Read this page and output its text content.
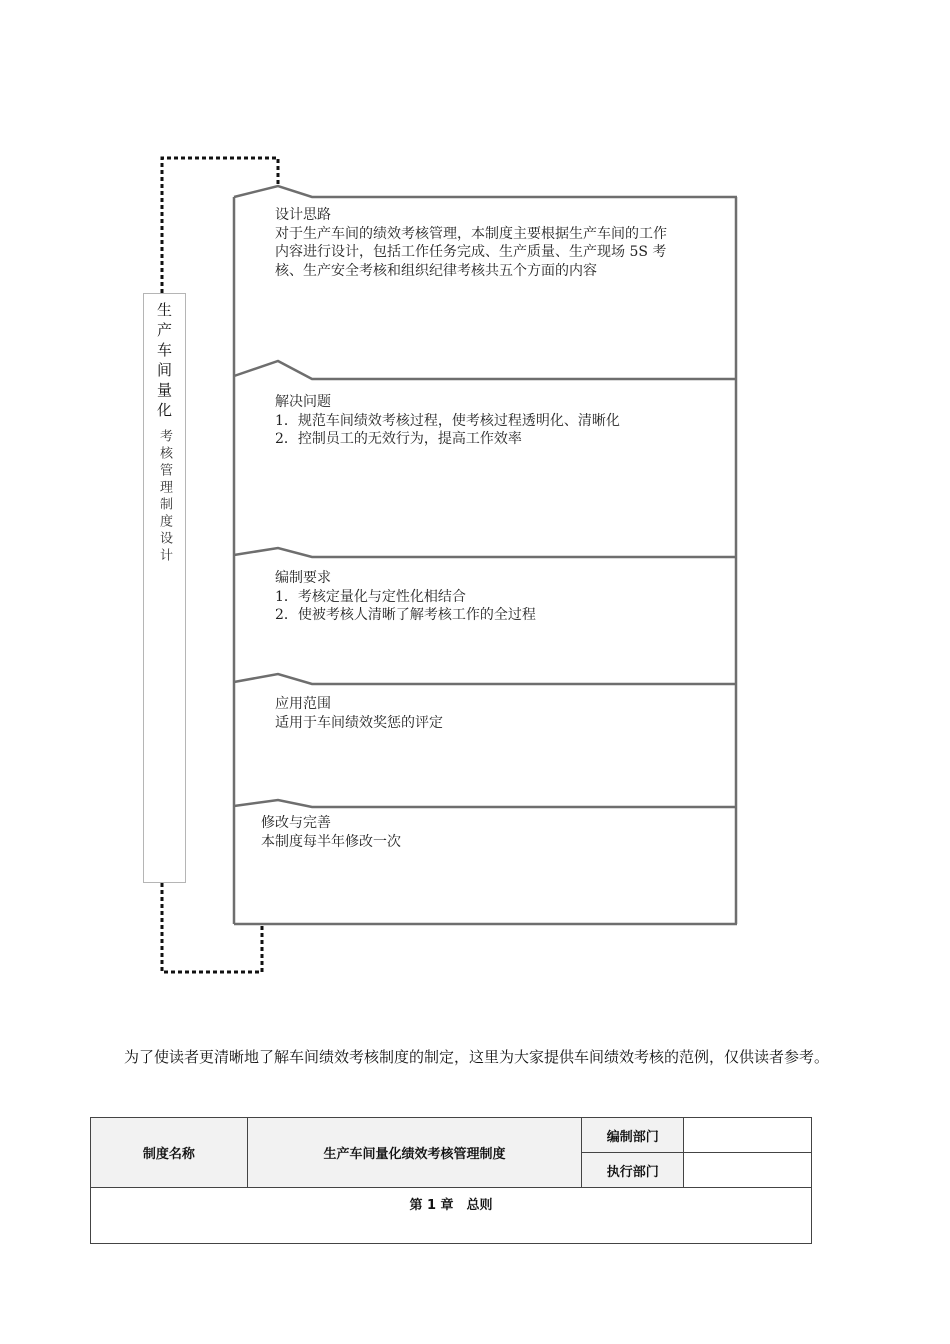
生产车间量化
考核管理制度设计
设计思路
对于生产车间的绩效考核管理，本制度主要根据生产车间的工作
内容进行设计，包括工作任务完成、生产质量、生产现场 5S 考
核、生产安全考核和组织纪律考核共五个方面的内容
解决问题
1．规范车间绩效考核过程，使考核过程透明化、清晰化
2．控制员工的无效行为，提高工作效率
编制要求
1．考核定量化与定性化相结合
2．使被考核人清晰了解考核工作的全过程
应用范围
适用于车间绩效奖惩的评定
修改与完善
本制度每半年修改一次

为了使读者更清晰地了解车间绩效考核制度的制定，这里为大家提供车间绩效考核的范例，仅供读者参考。

制度名称	生产车间量化绩效考核管理制度	编制部门	
		执行部门	
第 1 章　总则			
